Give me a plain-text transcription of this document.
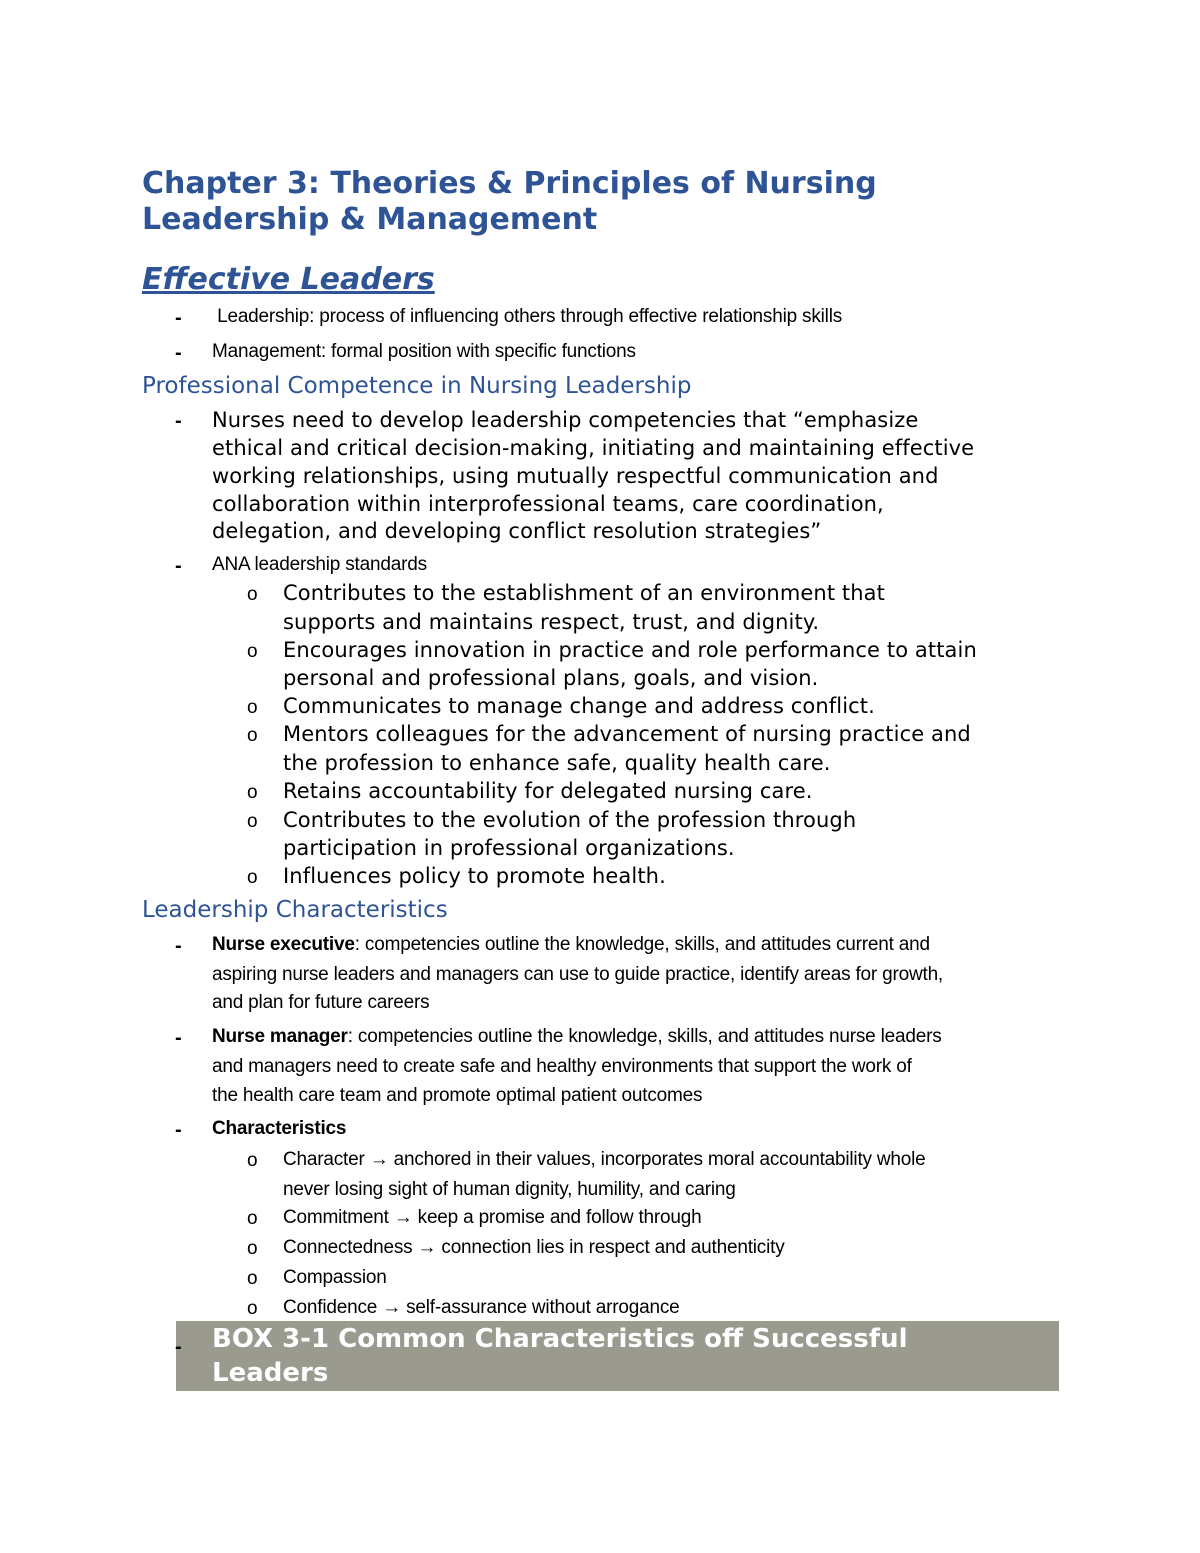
Chapter 3: Theories & Principles of Nursing
Leadership & Management
Effective Leaders
- Leadership: process of influencing others through effective relationship skills
- Management: formal position with specific functions
Professional Competence in Nursing Leadership
- Nurses need to develop leadership competencies that “emphasize
ethical and critical decision-making, initiating and maintaining effective
working relationships, using mutually respectful communication and
collaboration within interprofessional teams, care coordination,
delegation, and developing conflict resolution strategies”
- ANA leadership standards
o Contributes to the establishment of an environment that
supports and maintains respect, trust, and dignity.
o Encourages innovation in practice and role performance to attain
personal and professional plans, goals, and vision.
o Communicates to manage change and address conflict.
o Mentors colleagues for the advancement of nursing practice and
the profession to enhance safe, quality health care.
o Retains accountability for delegated nursing care.
o Contributes to the evolution of the profession through
participation in professional organizations.
o Influences policy to promote health.
Leadership Characteristics
- Nurse executive: competencies outline the knowledge, skills, and attitudes current and
aspiring nurse leaders and managers can use to guide practice, identify areas for growth,
and plan for future careers
- Nurse manager: competencies outline the knowledge, skills, and attitudes nurse leaders
and managers need to create safe and healthy environments that support the work of
the health care team and promote optimal patient outcomes
- Characteristics
o Character → anchored in their values, incorporates moral accountability whole
never losing sight of human dignity, humility, and caring
o Commitment → keep a promise and follow through
o Connectedness → connection lies in respect and authenticity
o Compassion
o Confidence → self-assurance without arrogance
- BOX 3-1 Common Characteristics off Successful
Leaders
